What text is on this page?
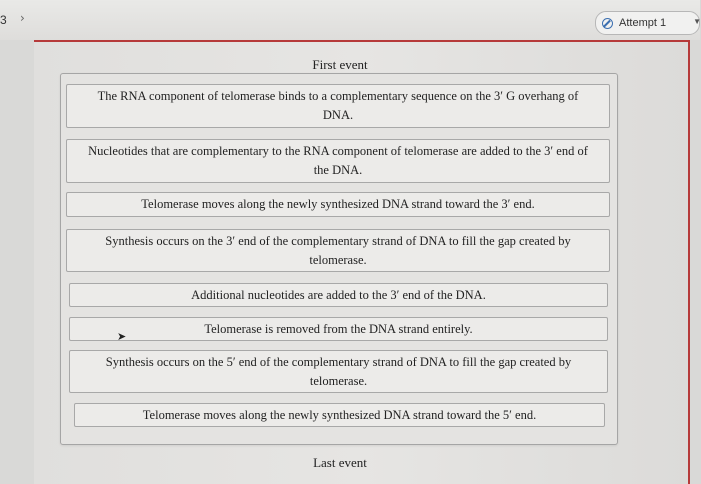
3 ›	Attempt 1	▼
First event
The RNA component of telomerase binds to a complementary sequence on the 3′ G overhang of DNA.
Nucleotides that are complementary to the RNA component of telomerase are added to the 3′ end of the DNA.
Telomerase moves along the newly synthesized DNA strand toward the 3′ end.
Synthesis occurs on the 3′ end of the complementary strand of DNA to fill the gap created by telomerase.
Additional nucleotides are added to the 3′ end of the DNA.
Telomerase is removed from the DNA strand entirely.
Synthesis occurs on the 5′ end of the complementary strand of DNA to fill the gap created by telomerase.
Telomerase moves along the newly synthesized DNA strand toward the 5′ end.
➤
Last event
